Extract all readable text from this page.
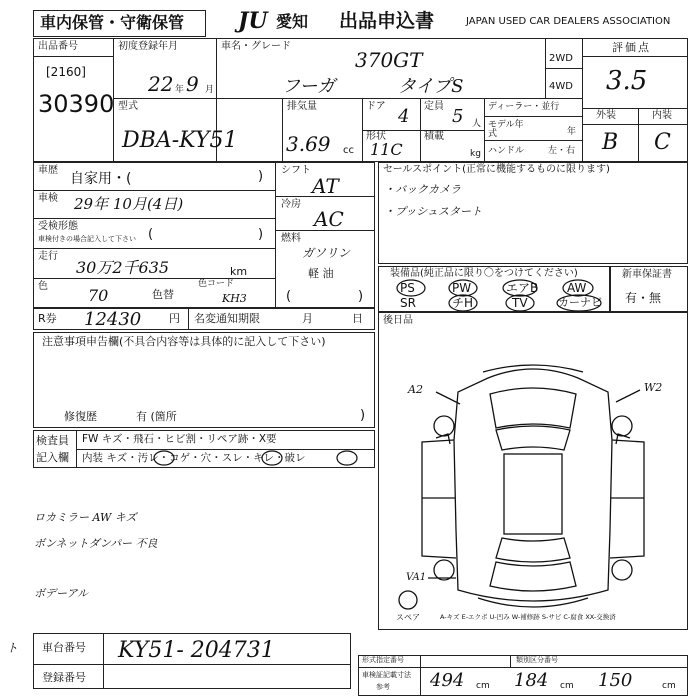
車内保管・守衛保管 JU 愛知 出品申込書	JAPAN USED CAR DEALERS ASSOCIATION
出品番号
[2160]
30390
初度登録年月
22 年 9 月
車名・グレード
370GT
フーガ	タイプS
2WD
4WD
評価点
3.5
外装	内装
B C
型式
DBA-KY51
排気量
3.69 cc
ドア 4 定員 5 人
形状
11C
積載
kg
ディーラー・並行
モデル年式	年
ハンドル	左・右
車歴
自家用・(	)
車検 29年 10月(4日)
受検形態
車検付きの場合記入して下さい (	)
走行
30万2千635	km
色	70	色替
色コード
KH3
シフト
AT
冷房
AC
燃料
ガソリン
軽 油
(	)
R券 12430	円 名変通知期限	月	日
セールスポイント(正常に機能するものに限ります)
・バックカメラ
・プッシュスタート
装備品(純正品に限り〇をつけてください)
PS	PW	エアB AW
SR	チH	TV	カーナビ
新車保証書
有・無
注意事項申告欄(不具合内容等は具体的に記入して下さい)
修復歴	有 (箇所	)
検査員
記入欄
FW キズ・飛石・ヒビ割・リペア跡・X要
内装 キズ・汚レ・コゲ・穴・スレ・キレ・破レ
ロカミラー AW キズ
ボンネットダンパー 不良
ボデーアル
後日品
A2	W2
VA1
スペア	A-キズ E-エクボ U-凹み W-補修跡 S-サビ C-腐食 XX-交換済
ト 車台番号 KY51- 204731
登録番号
形式指定番号	類別区分番号
車検証記載寸法
参考 494 cm 184 cm 150	cm
